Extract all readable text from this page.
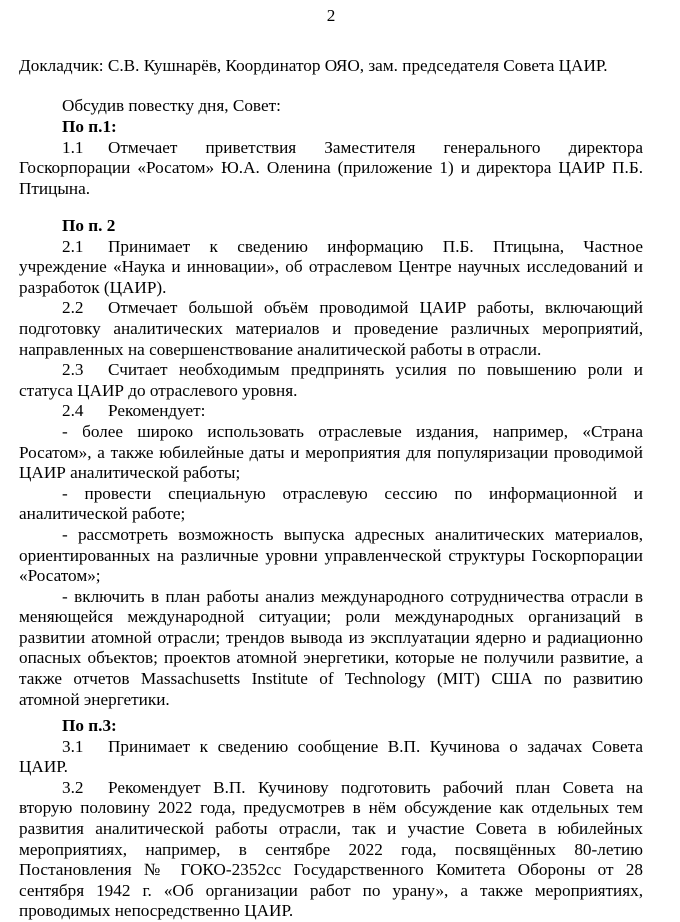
2
Докладчик: С.В. Кушнарёв, Координатор ОЯО, зам. председателя Совета ЦАИР.
Обсудив повестку дня, Совет:
По п.1:
1.1 Отмечает приветствия Заместителя генерального директора
Госкорпорации «Росатом» Ю.А. Оленина (приложение 1) и директора ЦАИР П.Б.
Птицына.
По п. 2
2.1 Принимает к сведению информацию П.Б. Птицына, Частное
учреждение «Наука и инновации», об отраслевом Центре научных исследований и
разработок (ЦАИР).
2.2 Отмечает большой объём проводимой ЦАИР работы, включающий
подготовку аналитических материалов и проведение различных мероприятий,
направленных на совершенствование аналитической работы в отрасли.
2.3 Считает необходимым предпринять усилия по повышению роли и
статуса ЦАИР до отраслевого уровня.
2.4 Рекомендует:
- более широко использовать отраслевые издания, например, «Страна
Росатом», а также юбилейные даты и мероприятия для популяризации проводимой
ЦАИР аналитической работы;
- провести специальную отраслевую сессию по информационной и
аналитической работе;
- рассмотреть возможность выпуска адресных аналитических материалов,
ориентированных на различные уровни управленческой структуры Госкорпорации
«Росатом»;
- включить в план работы анализ международного сотрудничества отрасли в
меняющейся международной ситуации; роли международных организаций в
развитии атомной отрасли; трендов вывода из эксплуатации ядерно и радиационно
опасных объектов; проектов атомной энергетики, которые не получили развитие, а
также отчетов Massachusetts Institute of Technology (MIT) США по развитию
атомной энергетики.
По п.3:
3.1 Принимает к сведению сообщение В.П. Кучинова о задачах Совета
ЦАИР.
3.2 Рекомендует В.П. Кучинову подготовить рабочий план Совета на
вторую половину 2022 года, предусмотрев в нём обсуждение как отдельных тем
развития аналитической работы отрасли, так и участие Совета в юбилейных
мероприятиях, например, в сентябре 2022 года, посвящённых 80-летию
Постановления № ГОКО-2352сс Государственного Комитета Обороны от 28
сентября 1942 г. «Об организации работ по урану», а также мероприятиях,
проводимых непосредственно ЦАИР.
